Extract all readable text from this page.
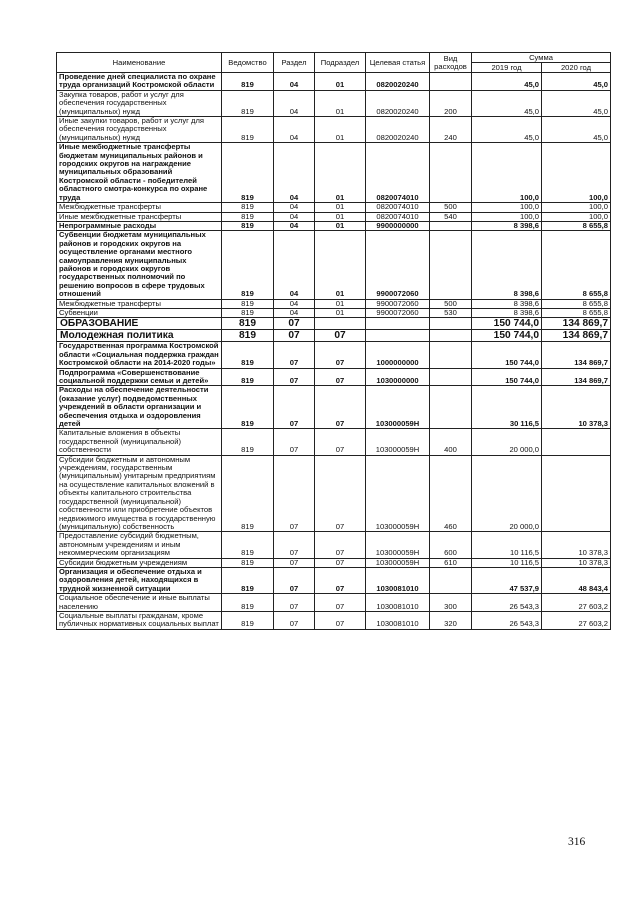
Наименование	Ведомство	Раздел	Подраздел	Целевая статья	Вид расходов	Сумма	
						2019 год	2020 год
Проведение дней специалиста по охране труда организаций Костромской области	819	04	01	0820020240		45,0	45,0
Закупка товаров, работ и услуг для обеспечения государственных (муниципальных) нужд	819	04	01	0820020240	200	45,0	45,0
Иные закупки товаров, работ и услуг для обеспечения государственных (муниципальных) нужд	819	04	01	0820020240	240	45,0	45,0
Иные межбюджетные трансферты бюджетам муниципальных районов и городских округов на награждение муниципальных образований Костромской области - победителей областного смотра-конкурса по охране труда	819	04	01	0820074010		100,0	100,0
Межбюджетные трансферты	819	04	01	0820074010	500	100,0	100,0
Иные межбюджетные трансферты	819	04	01	0820074010	540	100,0	100,0
Непрограммные расходы	819	04	01	9900000000		8 398,6	8 655,8
Субвенции бюджетам муниципальных районов и городских округов на осуществление органами местного самоуправления муниципальных районов и городских округов государственных полномочий по решению вопросов в сфере трудовых отношений	819	04	01	9900072060		8 398,6	8 655,8
Межбюджетные трансферты	819	04	01	9900072060	500	8 398,6	8 655,8
Субвенции	819	04	01	9900072060	530	8 398,6	8 655,8
ОБРАЗОВАНИЕ	819	07				150 744,0	134 869,7
Молодежная политика	819	07	07			150 744,0	134 869,7
Государственная программа Костромской области «Социальная поддержка граждан Костромской области на 2014-2020 годы»	819	07	07	1000000000		150 744,0	134 869,7
Подпрограмма «Совершенствование социальной поддержки семьи и детей»	819	07	07	1030000000		150 744,0	134 869,7
Расходы на обеспечение деятельности (оказание услуг) подведомственных учреждений в области организации и обеспечения отдыха и оздоровления детей	819	07	07	103000059Н		30 116,5	10 378,3
Капитальные вложения в объекты государственной (муниципальной) собственности	819	07	07	103000059Н	400	20 000,0	
Субсидии бюджетным и автономным учреждениям, государственным (муниципальным) унитарным предприятиям на осуществление капитальных вложений в объекты капитального строительства государственной (муниципальной) собственности или приобретение объектов недвижимого имущества в государственную (муниципальную) собственность	819	07	07	103000059Н	460	20 000,0	
Предоставление субсидий бюджетным, автономным учреждениям и иным некоммерческим организациям	819	07	07	103000059Н	600	10 116,5	10 378,3
Субсидии бюджетным учреждениям	819	07	07	103000059Н	610	10 116,5	10 378,3
Организация и обеспечение отдыха и оздоровления детей, находящихся в трудной жизненной ситуации	819	07	07	1030081010		47 537,9	48 843,4
Социальное обеспечение и иные выплаты населению	819	07	07	1030081010	300	26 543,3	27 603,2
Социальные выплаты гражданам, кроме публичных нормативных социальных выплат	819	07	07	1030081010	320	26 543,3	27 603,2
316
